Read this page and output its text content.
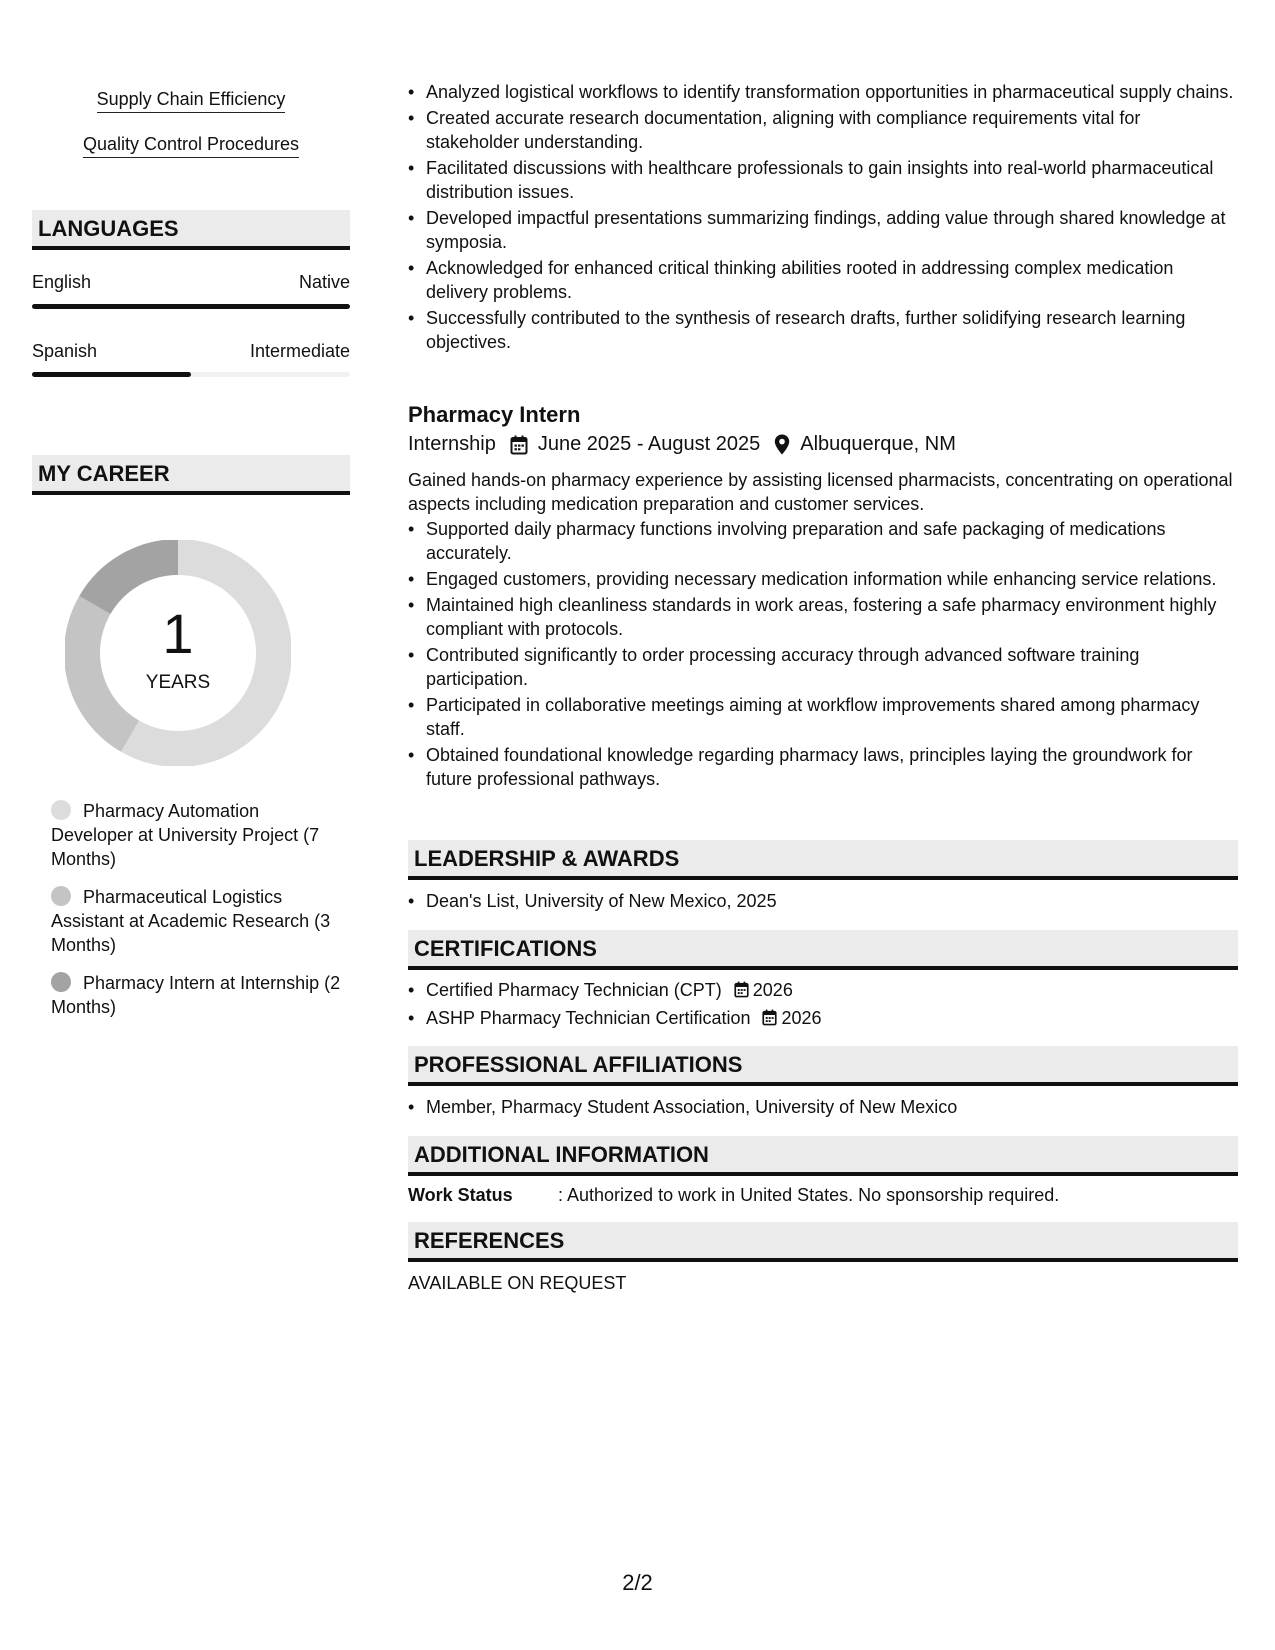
Supply Chain Efficiency
Quality Control Procedures
LANGUAGES
English	Native
Spanish	Intermediate
MY CAREER
1
YEARS
Pharmacy Automation Developer at University Project (7 Months)
Pharmaceutical Logistics Assistant at Academic Research (3 Months)
Pharmacy Intern at Internship (2 Months)
• Analyzed logistical workflows to identify transformation opportunities in pharmaceutical supply chains.
• Created accurate research documentation, aligning with compliance requirements vital for stakeholder understanding.
• Facilitated discussions with healthcare professionals to gain insights into real-world pharmaceutical distribution issues.
• Developed impactful presentations summarizing findings, adding value through shared knowledge at symposia.
• Acknowledged for enhanced critical thinking abilities rooted in addressing complex medication delivery problems.
• Successfully contributed to the synthesis of research drafts, further solidifying research learning objectives.
Pharmacy Intern
Internship June 2025 - August 2025 Albuquerque, NM
Gained hands-on pharmacy experience by assisting licensed pharmacists, concentrating on operational aspects including medication preparation and customer services.
• Supported daily pharmacy functions involving preparation and safe packaging of medications accurately.
• Engaged customers, providing necessary medication information while enhancing service relations.
• Maintained high cleanliness standards in work areas, fostering a safe pharmacy environment highly compliant with protocols.
• Contributed significantly to order processing accuracy through advanced software training participation.
• Participated in collaborative meetings aiming at workflow improvements shared among pharmacy staff.
• Obtained foundational knowledge regarding pharmacy laws, principles laying the groundwork for future professional pathways.
LEADERSHIP & AWARDS
• Dean's List, University of New Mexico, 2025
CERTIFICATIONS
• Certified Pharmacy Technician (CPT) 2026
• ASHP Pharmacy Technician Certification 2026
PROFESSIONAL AFFILIATIONS
• Member, Pharmacy Student Association, University of New Mexico
ADDITIONAL INFORMATION
Work Status	: Authorized to work in United States. No sponsorship required.
REFERENCES
AVAILABLE ON REQUEST
2/2
